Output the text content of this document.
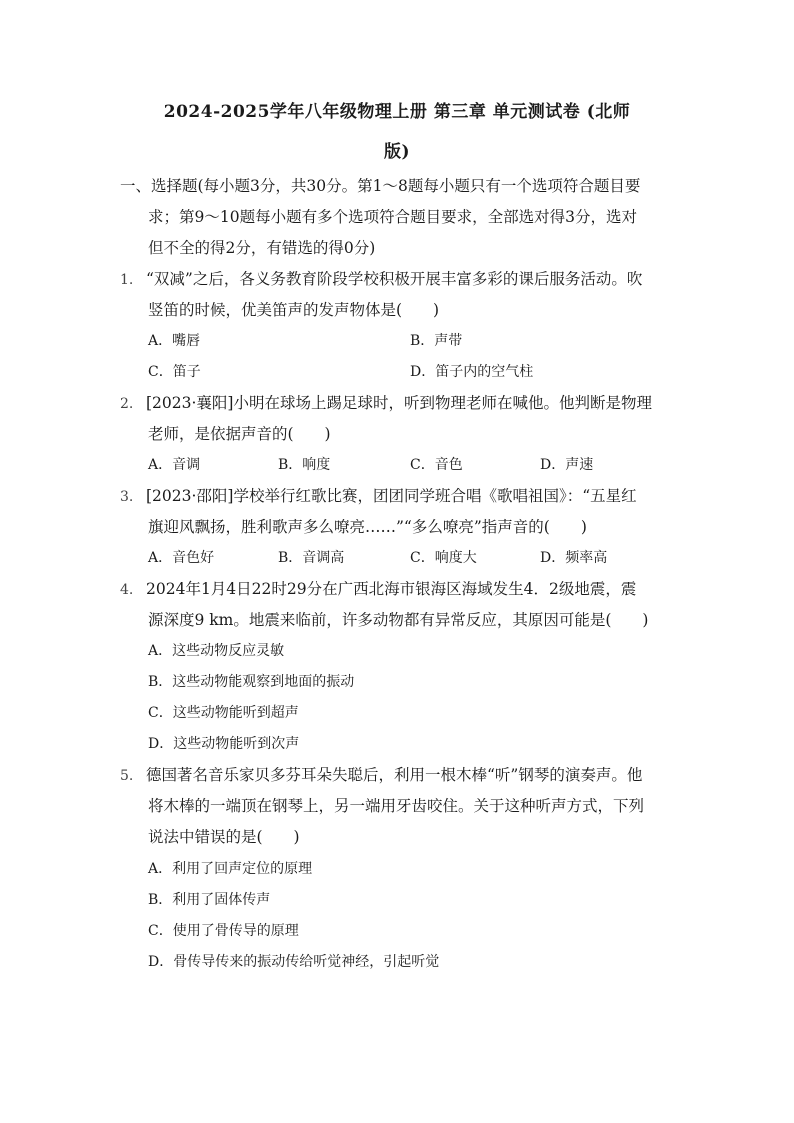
2024-2025学年八年级物理上册 第三章 单元测试卷 (北师
版)
一、选择题(每小题3分，共30分。第1～8题每小题只有一个选项符合题目要
求；第9～10题每小题有多个选项符合题目要求，全部选对得3分，选对
但不全的得2分，有错选的得0分)
1. “双减”之后，各义务教育阶段学校积极开展丰富多彩的课后服务活动。吹
竖笛的时候，优美笛声的发声物体是(　　)
A．嘴唇	B．声带
C．笛子	D．笛子内的空气柱
2. [2023·襄阳]小明在球场上踢足球时，听到物理老师在喊他。他判断是物理
老师，是依据声音的(　　)
A．音调	B．响度	C．音色	D．声速
3. [2023·邵阳]学校举行红歌比赛，团团同学班合唱《歌唱祖国》：“五星红
旗迎风飘扬，胜利歌声多么嘹亮……”“多么嘹亮”指声音的(　　)
A．音色好	B．音调高	C．响度大	D．频率高
4. 2024年1月4日22时29分在广西北海市银海区海域发生4．2级地震，震
源深度9 km。地震来临前，许多动物都有异常反应，其原因可能是(　　)
A．这些动物反应灵敏
B．这些动物能观察到地面的振动
C．这些动物能听到超声
D．这些动物能听到次声
5. 德国著名音乐家贝多芬耳朵失聪后，利用一根木棒“听”钢琴的演奏声。他
将木棒的一端顶在钢琴上，另一端用牙齿咬住。关于这种听声方式，下列
说法中错误的是(　　)
A．利用了回声定位的原理
B．利用了固体传声
C．使用了骨传导的原理
D．骨传导传来的振动传给听觉神经，引起听觉
